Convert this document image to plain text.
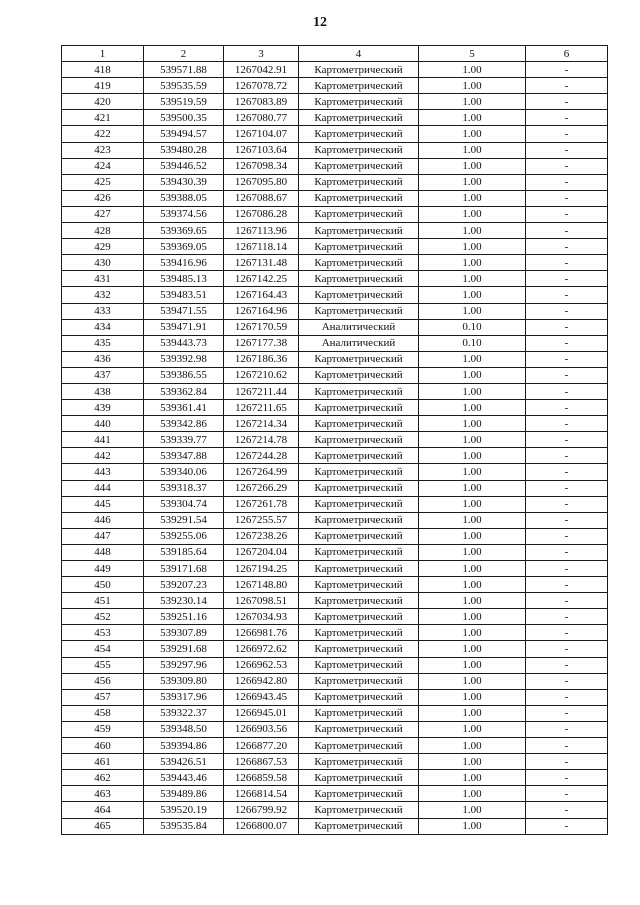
12
1	2	3	4	5	6
418	539571.88	1267042.91	Картометрический	1.00	-
419	539535.59	1267078.72	Картометрический	1.00	-
420	539519.59	1267083.89	Картометрический	1.00	-
421	539500.35	1267080.77	Картометрический	1.00	-
422	539494.57	1267104.07	Картометрический	1.00	-
423	539480.28	1267103.64	Картометрический	1.00	-
424	539446.52	1267098.34	Картометрический	1.00	-
425	539430.39	1267095.80	Картометрический	1.00	-
426	539388.05	1267088.67	Картометрический	1.00	-
427	539374.56	1267086.28	Картометрический	1.00	-
428	539369.65	1267113.96	Картометрический	1.00	-
429	539369.05	1267118.14	Картометрический	1.00	-
430	539416.96	1267131.48	Картометрический	1.00	-
431	539485.13	1267142.25	Картометрический	1.00	-
432	539483.51	1267164.43	Картометрический	1.00	-
433	539471.55	1267164.96	Картометрический	1.00	-
434	539471.91	1267170.59	Аналитический	0.10	-
435	539443.73	1267177.38	Аналитический	0.10	-
436	539392.98	1267186.36	Картометрический	1.00	-
437	539386.55	1267210.62	Картометрический	1.00	-
438	539362.84	1267211.44	Картометрический	1.00	-
439	539361.41	1267211.65	Картометрический	1.00	-
440	539342.86	1267214.34	Картометрический	1.00	-
441	539339.77	1267214.78	Картометрический	1.00	-
442	539347.88	1267244.28	Картометрический	1.00	-
443	539340.06	1267264.99	Картометрический	1.00	-
444	539318.37	1267266.29	Картометрический	1.00	-
445	539304.74	1267261.78	Картометрический	1.00	-
446	539291.54	1267255.57	Картометрический	1.00	-
447	539255.06	1267238.26	Картометрический	1.00	-
448	539185.64	1267204.04	Картометрический	1.00	-
449	539171.68	1267194.25	Картометрический	1.00	-
450	539207.23	1267148.80	Картометрический	1.00	-
451	539230.14	1267098.51	Картометрический	1.00	-
452	539251.16	1267034.93	Картометрический	1.00	-
453	539307.89	1266981.76	Картометрический	1.00	-
454	539291.68	1266972.62	Картометрический	1.00	-
455	539297.96	1266962.53	Картометрический	1.00	-
456	539309.80	1266942.80	Картометрический	1.00	-
457	539317.96	1266943.45	Картометрический	1.00	-
458	539322.37	1266945.01	Картометрический	1.00	-
459	539348.50	1266903.56	Картометрический	1.00	-
460	539394.86	1266877.20	Картометрический	1.00	-
461	539426.51	1266867.53	Картометрический	1.00	-
462	539443.46	1266859.58	Картометрический	1.00	-
463	539489.86	1266814.54	Картометрический	1.00	-
464	539520.19	1266799.92	Картометрический	1.00	-
465	539535.84	1266800.07	Картометрический	1.00	-
